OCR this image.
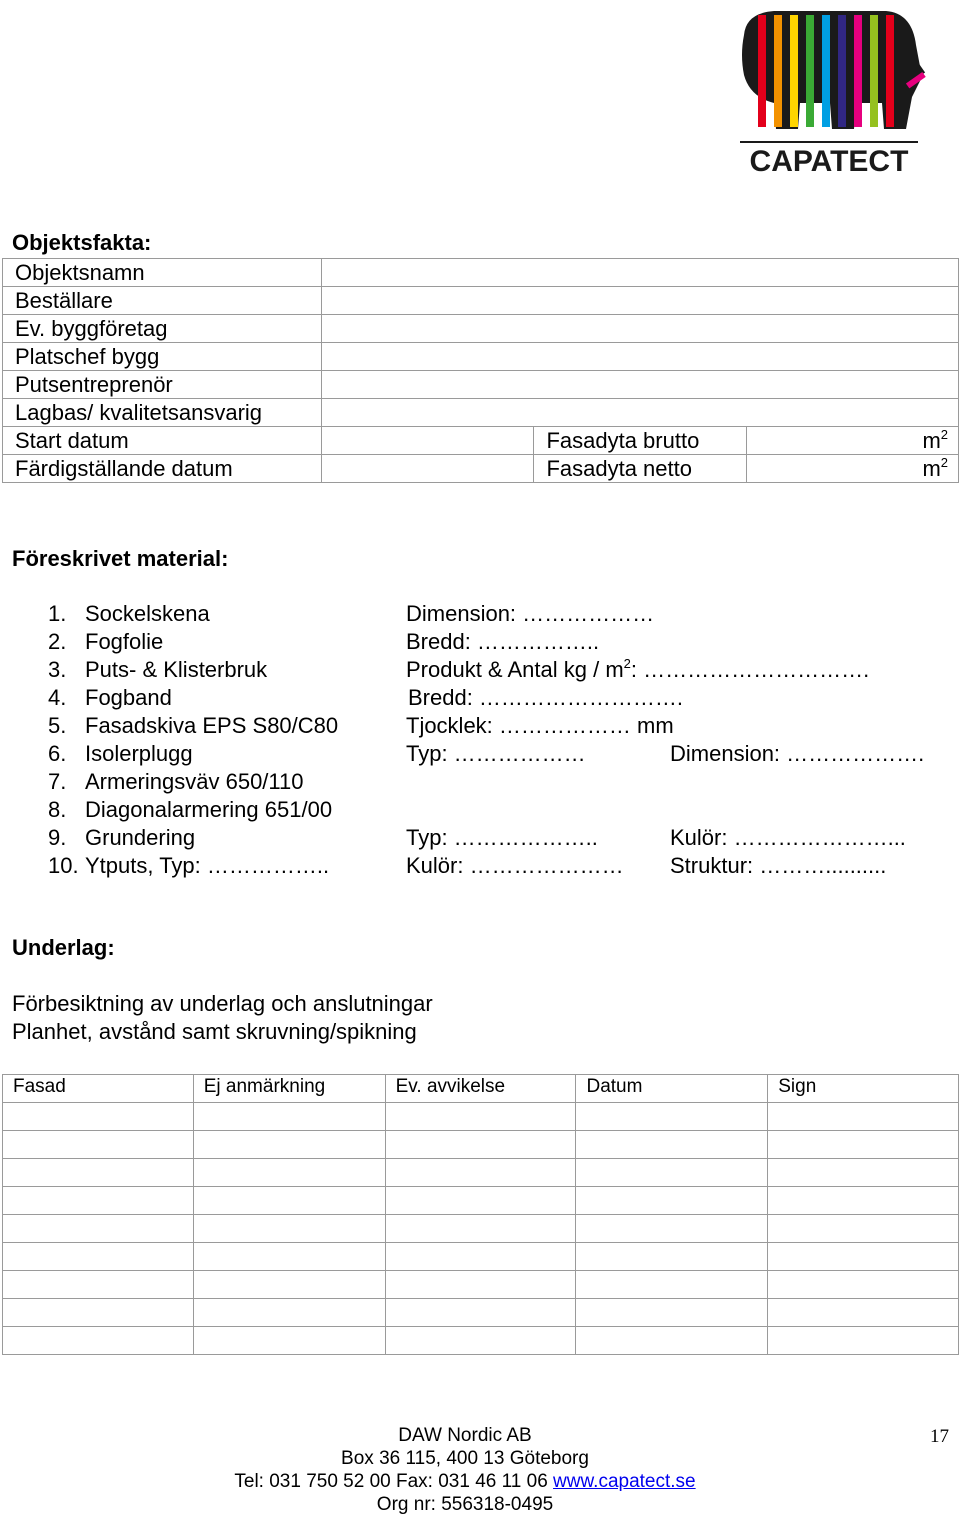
CAPATECT
Objektsfakta:
Objektsnamn			
Beställare			
Ev. byggföretag			
Platschef bygg			
Putsentreprenör			
Lagbas/ kvalitetsansvarig			
Start datum		Fasadyta brutto	$m^2$
Färdigställande datum		Fasadyta netto	$m^2$
Föreskrivet material:
1. Sockelskena	Dimension: ………………
2. Fogfolie	Bredd: ……………..
3. Puts- & Klisterbruk	Produkt & Antal kg / $m^2$: ………………………….
4. Fogband	Bredd: ……………………….
5. Fasadskiva EPS S80/C80	Tjocklek: ……………… mm
6. Isolerplugg	Typ: ………………	Dimension: ……………….
7. Armeringsväv 650/110
8. Diagonalarmering 651/00
9. Grundering	Typ: ………………..	Kulör: …………………...
10. Ytputs, Typ: ……………..	Kulör: ………………… Struktur: ………..........
Underlag:
Förbesiktning av underlag och anslutningar
Planhet, avstånd samt skruvning/spikning
Fasad	Ej anmärkning	Ev. avvikelse	Datum	Sign

DAW Nordic AB
Box 36 115, 400 13 Göteborg
Tel: 031 750 52 00 Fax: 031 46 11 06 www.capatect.se
Org nr: 556318-0495
17
